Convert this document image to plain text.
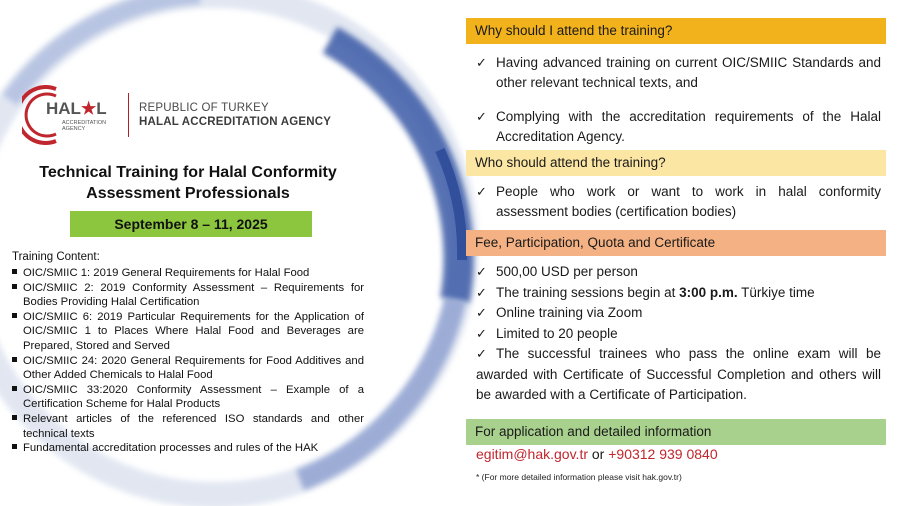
HAL★L
ACCREDITATION
AGENCY
REPUBLIC OF TURKEY
HALAL ACCREDITATION AGENCY
Technical Training for Halal Conformity
Assessment Professionals
September 8 – 11, 2025
Training Content:
OIC/SMIIC 1: 2019 General Requirements for Halal Food
OIC/SMIIC 2: 2019 Conformity Assessment – Requirements for Bodies Providing Halal Certification
OIC/SMIIC 6: 2019 Particular Requirements for the Application of OIC/SMIIC 1 to Places Where Halal Food and Beverages are Prepared, Stored and Served
OIC/SMIIC 24: 2020 General Requirements for Food Additives and Other Added Chemicals to Halal Food
OIC/SMIIC 33:2020 Conformity Assessment – Example of a Certification Scheme for Halal Products
Relevant articles of the referenced ISO standards and other technical texts
Fundamental accreditation processes and rules of the HAK
Why should I attend the training?
✓ Having advanced training on current OIC/SMIIC Standards and other relevant technical texts, and
✓ Complying with the accreditation requirements of the Halal Accreditation Agency.
Who should attend the training?
✓ People who work or want to work in halal conformity assessment bodies (certification bodies)
Fee, Participation, Quota and Certificate
✓ 500,00 USD per person
✓ The training sessions begin at 3:00 p.m. Türkiye time
✓ Online training via Zoom
✓ Limited to 20 people
✓ The successful trainees who pass the online exam will be awarded with Certificate of Successful Completion and others will be awarded with a Certificate of Participation.
For application and detailed information
egitim@hak.gov.tr or +90312 939 0840
* (For more detailed information please visit hak.gov.tr)
